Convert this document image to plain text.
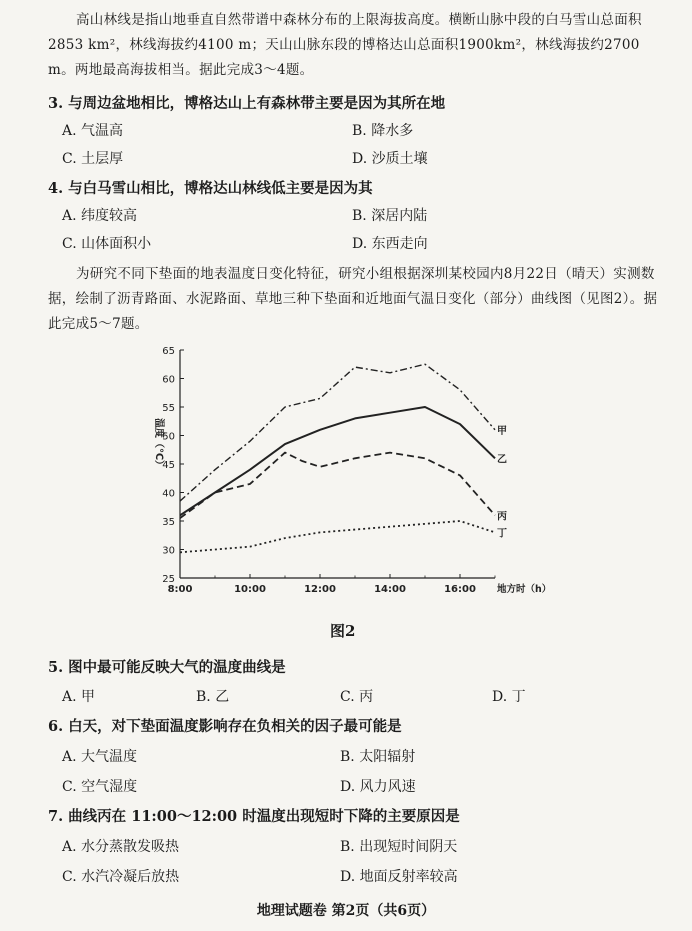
高山林线是指山地垂直自然带谱中森林分布的上限海拔高度。横断山脉中段的白马雪山总面积2853 km²，林线海拔约4100 m；天山山脉东段的博格达山总面积1900km²，林线海拔约2700 m。两地最高海拔相当。据此完成3～4题。
3. 与周边盆地相比，博格达山上有森林带主要是因为其所在地
A. 气温高	B. 降水多
C. 土层厚	D. 沙质土壤
4. 与白马雪山相比，博格达山林线低主要是因为其
A. 纬度较高	B. 深居内陆
C. 山体面积小	D. 东西走向
为研究不同下垫面的地表温度日变化特征，研究小组根据深圳某校园内8月22日（晴天）实测数据，绘制了沥青路面、水泥路面、草地三种下垫面和近地面气温日变化（部分）曲线图（见图2）。据此完成5～7题。
25
30
35
40
45
50
55
60
65
8:00	10:00	12:00	14:00	16:00 地方时（h）
温度（℃）	甲
乙
丙
丁
图2
5. 图中最可能反映大气的温度曲线是
A. 甲	B. 乙	C. 丙	D. 丁
6. 白天，对下垫面温度影响存在负相关的因子最可能是
A. 大气温度	B. 太阳辐射
C. 空气湿度	D. 风力风速
7. 曲线丙在 11:00～12:00 时温度出现短时下降的主要原因是
A. 水分蒸散发吸热	B. 出现短时间阴天
C. 水汽冷凝后放热	D. 地面反射率较高
地理试题卷 第2页（共6页）
